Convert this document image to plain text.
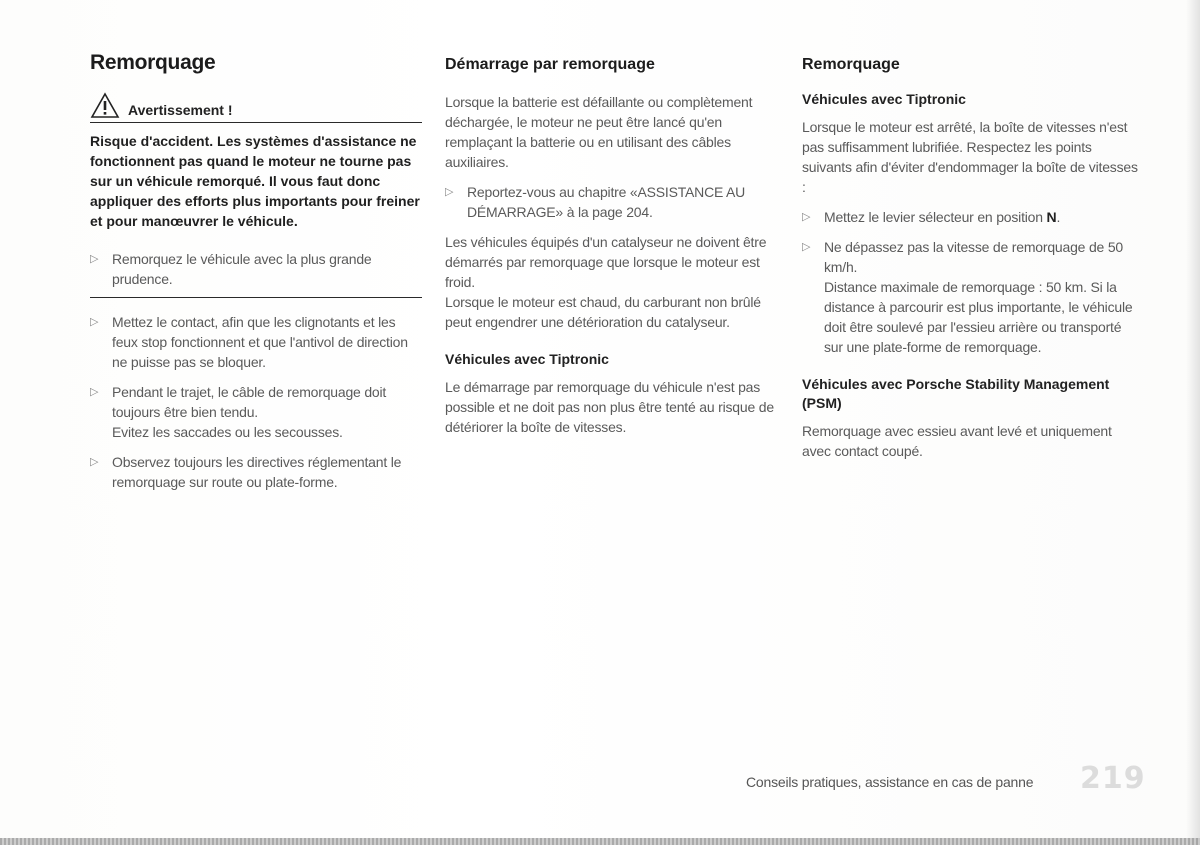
Remorquage
Avertissement !

Risque d'accident. Les systèmes d'assistance ne fonctionnent pas quand le moteur ne tourne pas sur un véhicule remorqué. Il vous faut donc appliquer des efforts plus importants pour freiner et pour manœuvrer le véhicule.

▷ Remorquez le véhicule avec la plus grande prudence.

▷ Mettez le contact, afin que les clignotants et les feux stop fonctionnent et que l'antivol de direction ne puisse pas se bloquer.

▷ Pendant le trajet, le câble de remorquage doit toujours être bien tendu.

Evitez les saccades ou les secousses.

▷ Observez toujours les directives réglementant le remorquage sur route ou plate-forme.

Démarrage par remorquage

Lorsque la batterie est défaillante ou complètement déchargée, le moteur ne peut être lancé qu'en remplaçant la batterie ou en utilisant des câbles auxiliaires.

▷ Reportez-vous au chapitre «ASSISTANCE AU DÉMARRAGE» à la page 204.

Les véhicules équipés d'un catalyseur ne doivent être démarrés par remorquage que lorsque le moteur est froid.

Lorsque le moteur est chaud, du carburant non brûlé peut engendrer une détérioration du catalyseur.

Véhicules avec Tiptronic

Le démarrage par remorquage du véhicule n'est pas possible et ne doit pas non plus être tenté au risque de détériorer la boîte de vitesses.

Remorquage
Véhicules avec Tiptronic

Lorsque le moteur est arrêté, la boîte de vitesses n'est pas suffisamment lubrifiée. Respectez les points suivants afin d'éviter d'endommager la boîte de vitesses :

▷ Mettez le levier sélecteur en position N.

▷ Ne dépassez pas la vitesse de remorquage de 50 km/h.

Distance maximale de remorquage : 50 km. Si la distance à parcourir est plus importante, le véhicule doit être soulevé par l'essieu arrière ou transporté sur une plate-forme de remorquage.

Véhicules avec Porsche Stability Management (PSM)

Remorquage avec essieu avant levé et uniquement avec contact coupé.

Conseils pratiques, assistance en cas de panne 219
